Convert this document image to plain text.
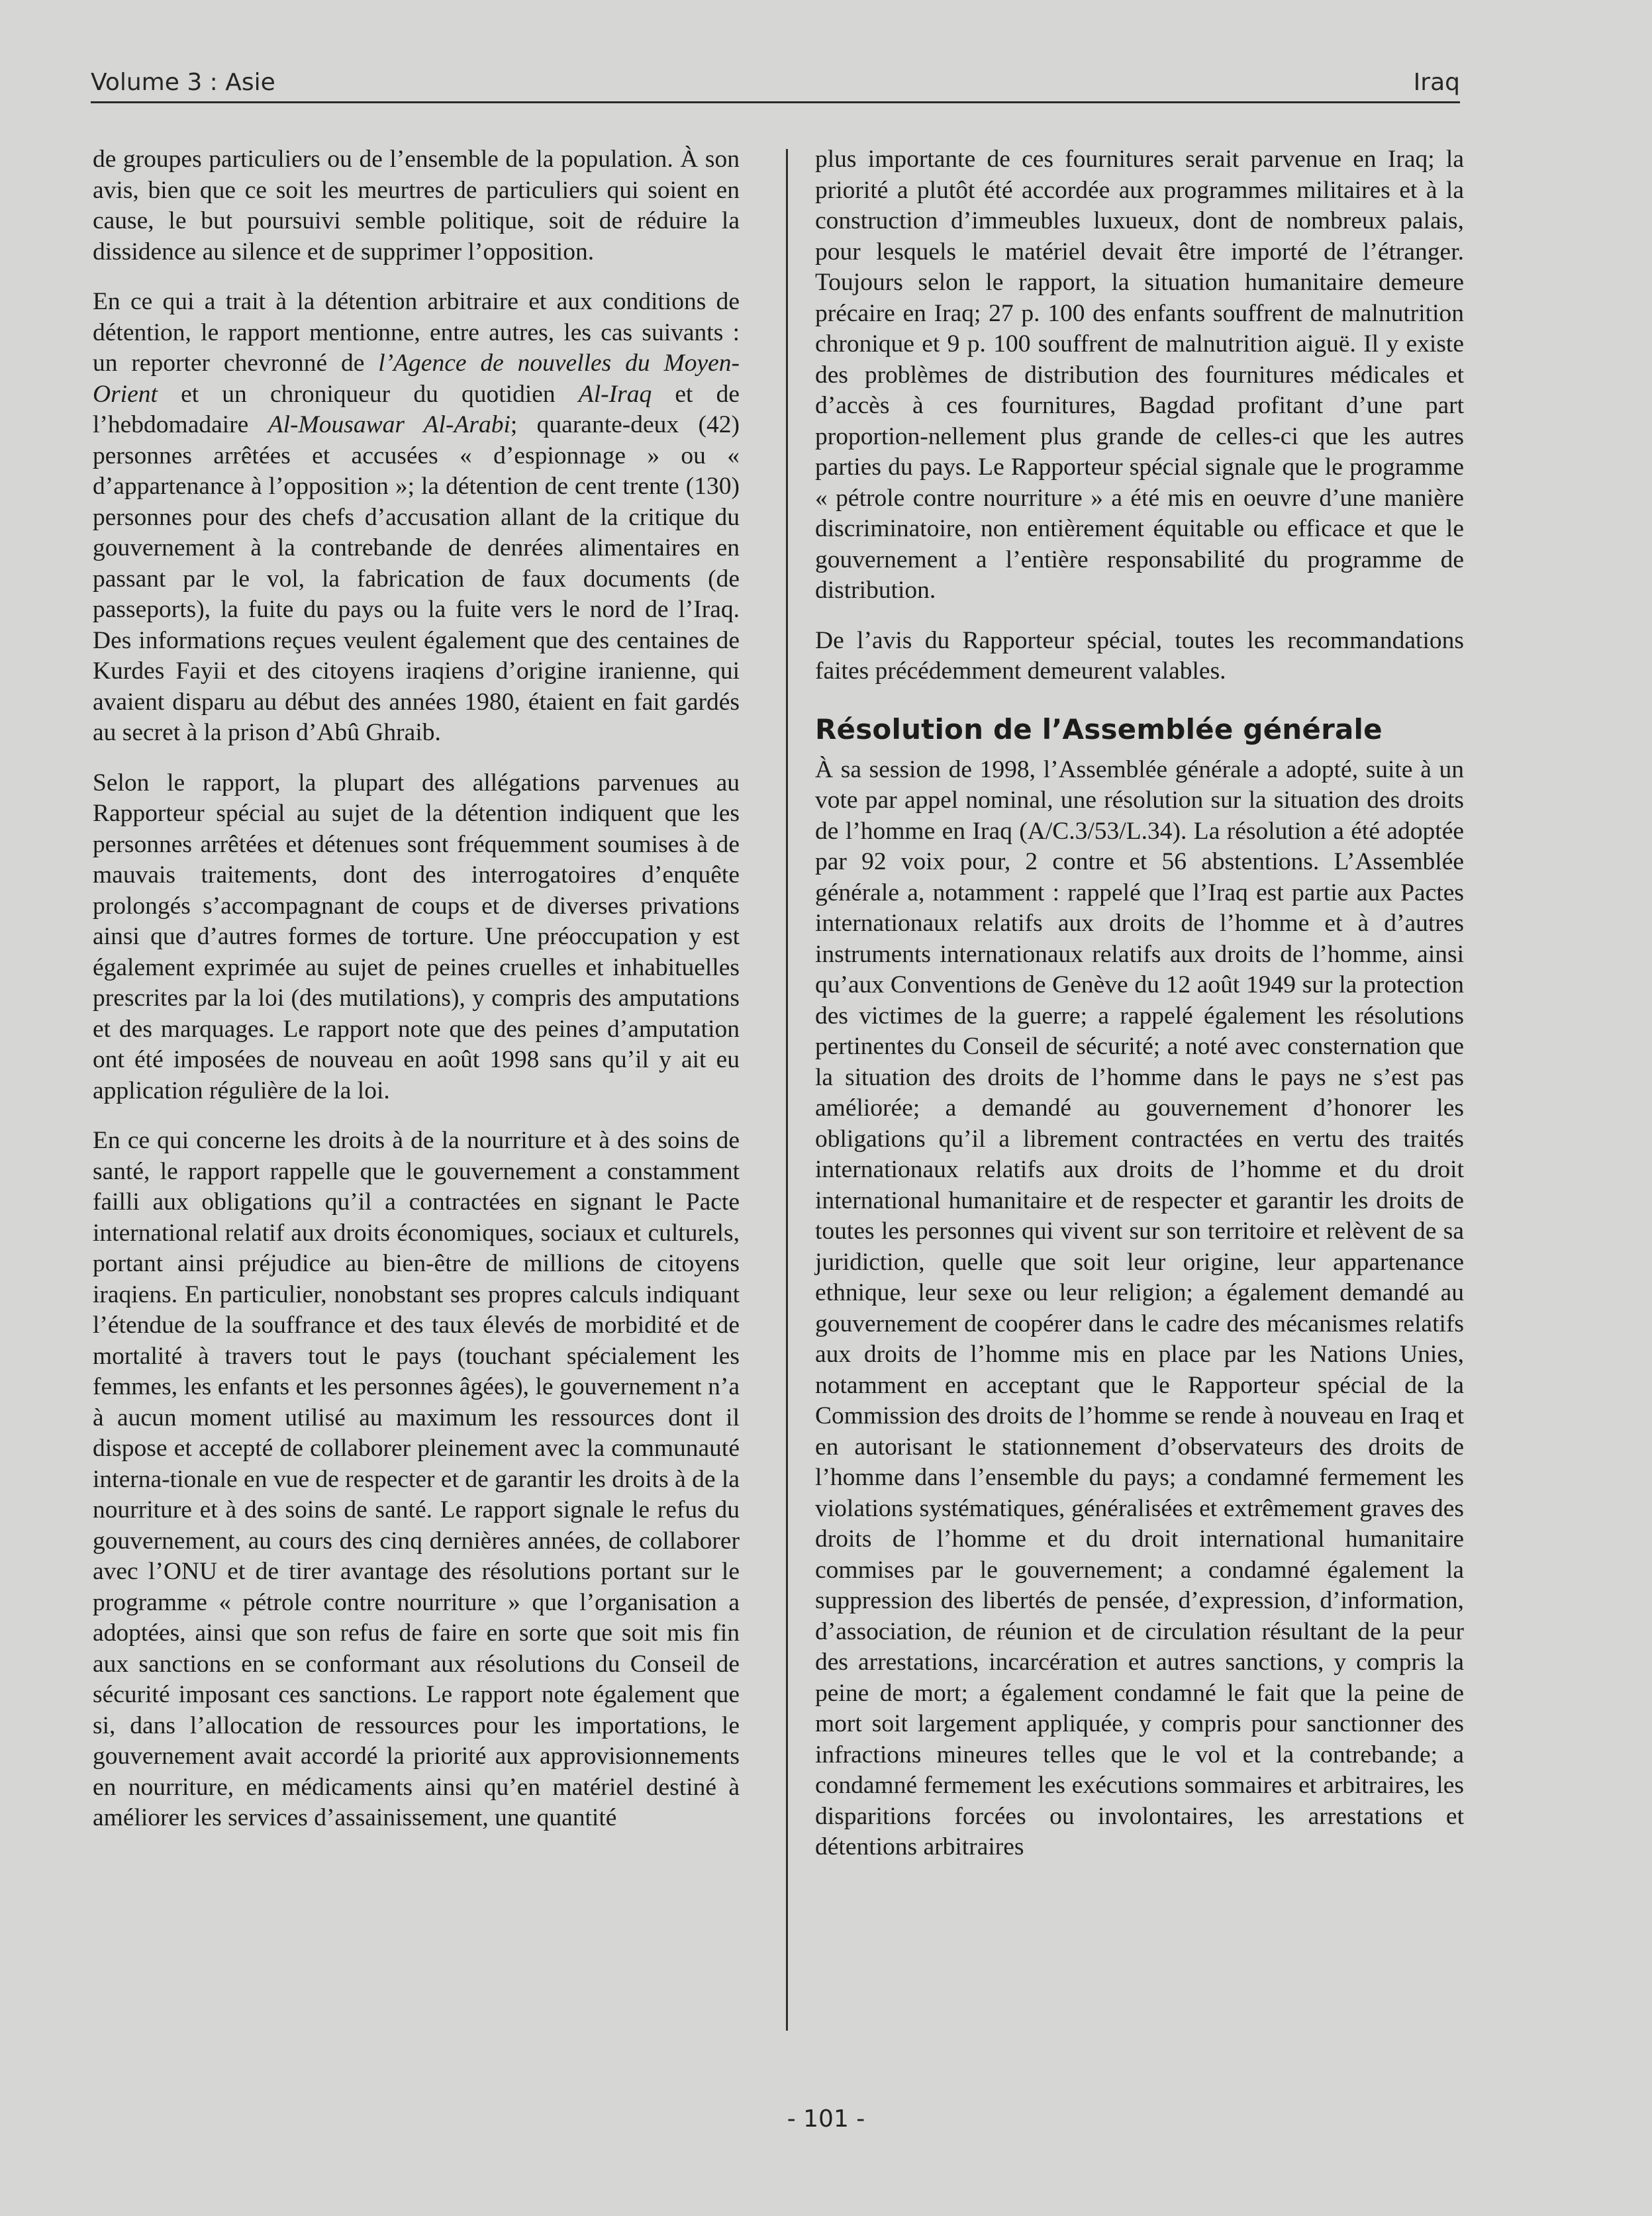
Volume 3 : Asie	Iraq

de groupes particuliers ou de l’ensemble de la population. À son avis, bien que ce soit les meurtres de particuliers qui soient en cause, le but poursuivi semble politique, soit de réduire la dissidence au silence et de supprimer l’opposition.

En ce qui a trait à la détention arbitraire et aux conditions de détention, le rapport mentionne, entre autres, les cas suivants : un reporter chevronné de l’Agence de nouvelles du Moyen-Orient et un chroniqueur du quotidien Al-Iraq et de l’hebdomadaire Al-Mousawar Al-Arabi; quarante-deux (42) personnes arrêtées et accusées « d’espionnage » ou « d’appartenance à l’opposition »; la détention de cent trente (130) personnes pour des chefs d’accusation allant de la critique du gouvernement à la contrebande de denrées alimentaires en passant par le vol, la fabrication de faux documents (de passeports), la fuite du pays ou la fuite vers le nord de l’Iraq. Des informations reçues veulent également que des centaines de Kurdes Fayii et des citoyens iraqiens d’origine iranienne, qui avaient disparu au début des années 1980, étaient en fait gardés au secret à la prison d’Abû Ghraib.

Selon le rapport, la plupart des allégations parvenues au Rapporteur spécial au sujet de la détention indiquent que les personnes arrêtées et détenues sont fréquemment soumises à de mauvais traitements, dont des interrogatoires d’enquête prolongés s’accompagnant de coups et de diverses privations ainsi que d’autres formes de torture. Une préoccupation y est également exprimée au sujet de peines cruelles et inhabituelles prescrites par la loi (des mutilations), y compris des amputations et des marquages. Le rapport note que des peines d’amputation ont été imposées de nouveau en août 1998 sans qu’il y ait eu application régulière de la loi.

En ce qui concerne les droits à de la nourriture et à des soins de santé, le rapport rappelle que le gouvernement a constamment failli aux obligations qu’il a contractées en signant le Pacte international relatif aux droits économiques, sociaux et culturels, portant ainsi préjudice au bien-être de millions de citoyens iraqiens. En particulier, nonobstant ses propres calculs indiquant l’étendue de la souffrance et des taux élevés de morbidité et de mortalité à travers tout le pays (touchant spécialement les femmes, les enfants et les personnes âgées), le gouvernement n’a à aucun moment utilisé au maximum les ressources dont il dispose et accepté de collaborer pleinement avec la communauté interna-tionale en vue de respecter et de garantir les droits à de la nourriture et à des soins de santé. Le rapport signale le refus du gouvernement, au cours des cinq dernières années, de collaborer avec l’ONU et de tirer avantage des résolutions portant sur le programme « pétrole contre nourriture » que l’organisation a adoptées, ainsi que son refus de faire en sorte que soit mis fin aux sanctions en se conformant aux résolutions du Conseil de sécurité imposant ces sanctions. Le rapport note également que si, dans l’allocation de ressources pour les importations, le gouvernement avait accordé la priorité aux approvisionnements en nourriture, en médicaments ainsi qu’en matériel destiné à améliorer les services d’assainissement, une quantité

plus importante de ces fournitures serait parvenue en Iraq; la priorité a plutôt été accordée aux programmes militaires et à la construction d’immeubles luxueux, dont de nombreux palais, pour lesquels le matériel devait être importé de l’étranger. Toujours selon le rapport, la situation humanitaire demeure précaire en Iraq; 27 p. 100 des enfants souffrent de malnutrition chronique et 9 p. 100 souffrent de malnutrition aiguë. Il y existe des problèmes de distribution des fournitures médicales et d’accès à ces fournitures, Bagdad profitant d’une part proportion-nellement plus grande de celles-ci que les autres parties du pays. Le Rapporteur spécial signale que le programme « pétrole contre nourriture » a été mis en oeuvre d’une manière discriminatoire, non entièrement équitable ou efficace et que le gouvernement a l’entière responsabilité du programme de distribution.

De l’avis du Rapporteur spécial, toutes les recommandations faites précédemment demeurent valables.

Résolution de l’Assemblée générale

À sa session de 1998, l’Assemblée générale a adopté, suite à un vote par appel nominal, une résolution sur la situation des droits de l’homme en Iraq (A/C.3/53/L.34). La résolution a été adoptée par 92 voix pour, 2 contre et 56 abstentions. L’Assemblée générale a, notamment : rappelé que l’Iraq est partie aux Pactes internationaux relatifs aux droits de l’homme et à d’autres instruments internationaux relatifs aux droits de l’homme, ainsi qu’aux Conventions de Genève du 12 août 1949 sur la protection des victimes de la guerre; a rappelé également les résolutions pertinentes du Conseil de sécurité; a noté avec consternation que la situation des droits de l’homme dans le pays ne s’est pas améliorée; a demandé au gouvernement d’honorer les obligations qu’il a librement contractées en vertu des traités internationaux relatifs aux droits de l’homme et du droit international humanitaire et de respecter et garantir les droits de toutes les personnes qui vivent sur son territoire et relèvent de sa juridiction, quelle que soit leur origine, leur appartenance ethnique, leur sexe ou leur religion; a également demandé au gouvernement de coopérer dans le cadre des mécanismes relatifs aux droits de l’homme mis en place par les Nations Unies, notamment en acceptant que le Rapporteur spécial de la Commission des droits de l’homme se rende à nouveau en Iraq et en autorisant le stationnement d’observateurs des droits de l’homme dans l’ensemble du pays; a condamné fermement les violations systématiques, généralisées et extrêmement graves des droits de l’homme et du droit international humanitaire commises par le gouvernement; a condamné également la suppression des libertés de pensée, d’expression, d’information, d’association, de réunion et de circulation résultant de la peur des arrestations, incarcération et autres sanctions, y compris la peine de mort; a également condamné le fait que la peine de mort soit largement appliquée, y compris pour sanctionner des infractions mineures telles que le vol et la contrebande; a condamné fermement les exécutions sommaires et arbitraires, les disparitions forcées ou involontaires, les arrestations et détentions arbitraires

- 101 -
